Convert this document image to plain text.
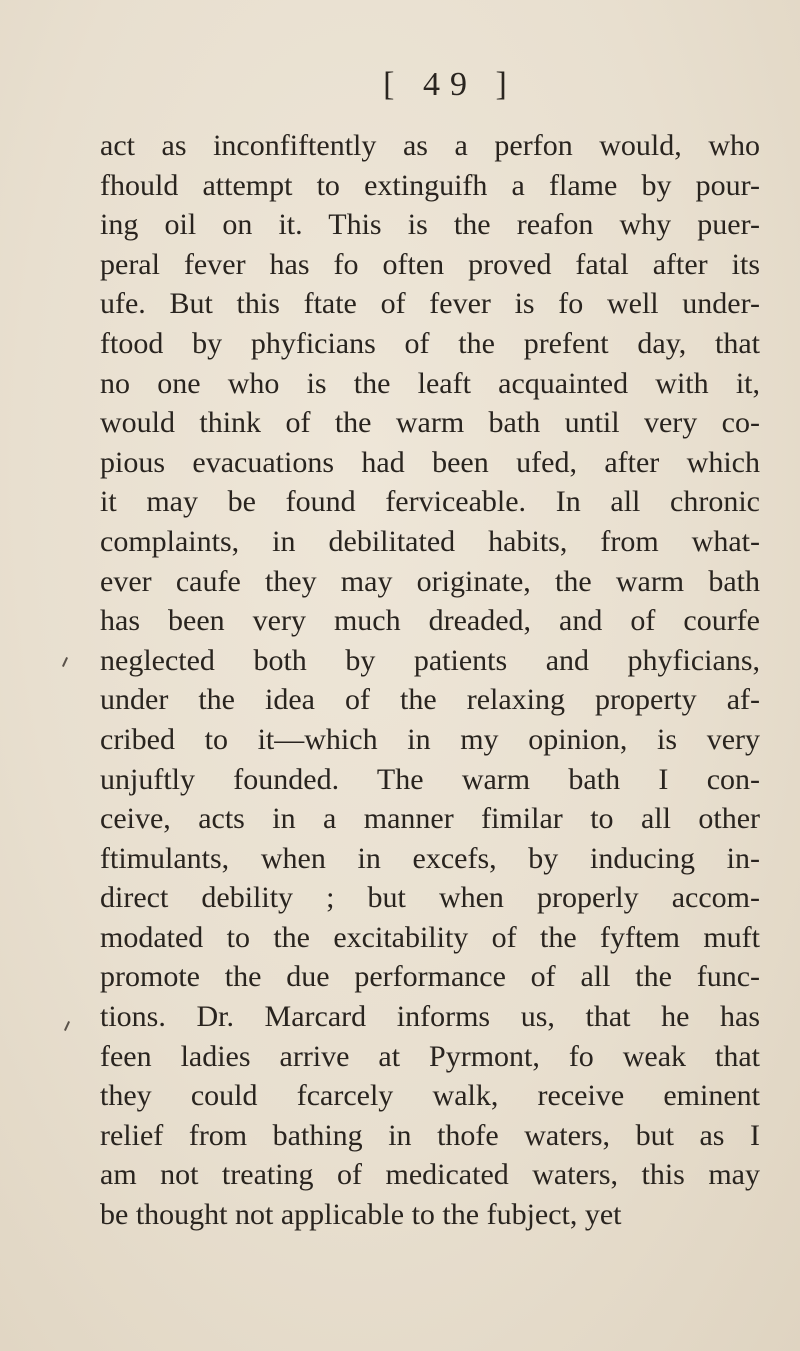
[ 49 ]
act as inconfiftently as a perfon would, who
fhould attempt to extinguifh a flame by pour-
ing oil on it. This is the reafon why puer-
peral fever has fo often proved fatal after its
ufe. But this ftate of fever is fo well under-
ftood by phyficians of the prefent day, that
no one who is the leaft acquainted with it,
would think of the warm bath until very co-
pious evacuations had been ufed, after which
it may be found ferviceable. In all chronic
complaints, in debilitated habits, from what-
ever caufe they may originate, the warm bath
has been very much dreaded, and of courfe
neglected both by patients and phyficians,
under the idea of the relaxing property af-
cribed to it—which in my opinion, is very
unjuftly founded. The warm bath I con-
ceive, acts in a manner fimilar to all other
ftimulants, when in excefs, by inducing in-
direct debility ; but when properly accom-
modated to the excitability of the fyftem muft
promote the due performance of all the func-
tions. Dr. Marcard informs us, that he has
feen ladies arrive at Pyrmont, fo weak that
they could fcarcely walk, receive eminent
relief from bathing in thofe waters, but as I
am not treating of medicated waters, this may
be thought not applicable to the fubject, yet
